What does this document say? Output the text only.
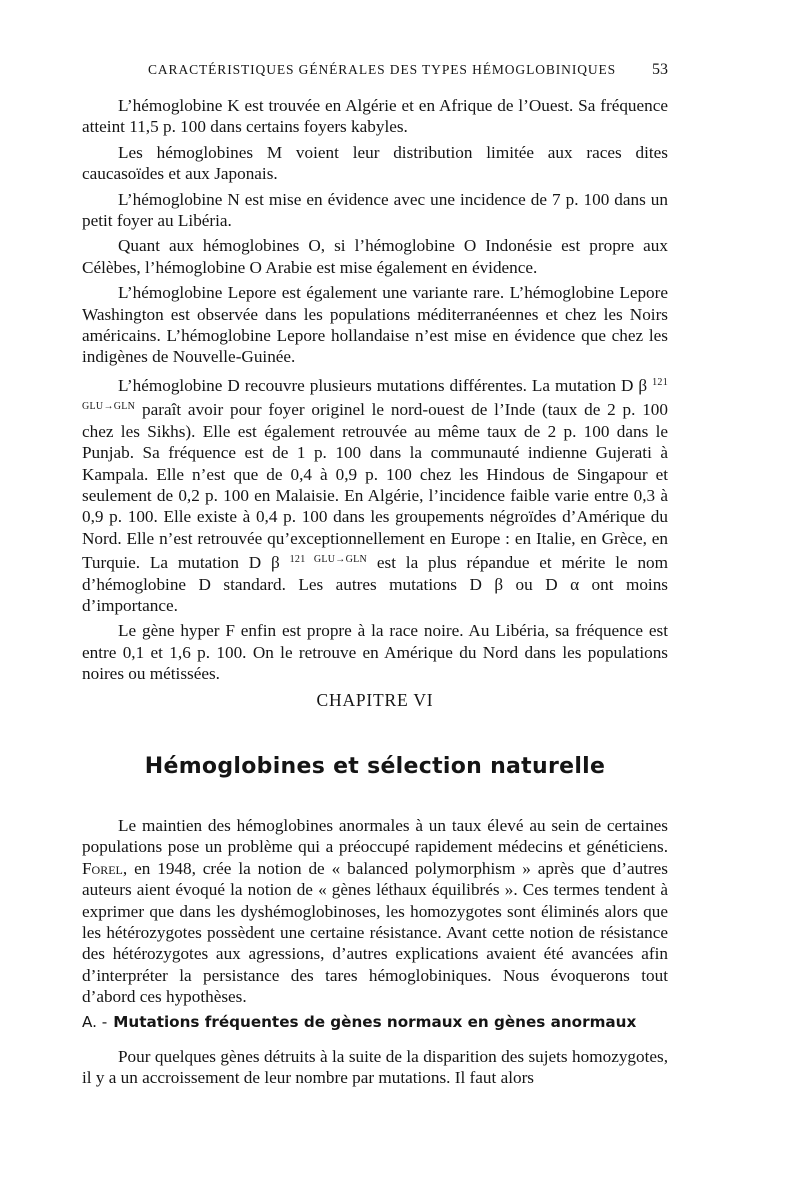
CARACTÉRISTIQUES GÉNÉRALES DES TYPES HÉMOGLOBINIQUES 53

L’hémoglobine K est trouvée en Algérie et en Afrique de l’Ouest. Sa fréquence atteint 11,5 p. 100 dans certains foyers kabyles.

Les hémoglobines M voient leur distribution limitée aux races dites caucasoïdes et aux Japonais.

L’hémoglobine N est mise en évidence avec une incidence de 7 p. 100 dans un petit foyer au Libéria.

Quant aux hémoglobines O, si l’hémoglobine O Indonésie est propre aux Célèbes, l’hémoglobine O Arabie est mise également en évidence.

L’hémoglobine Lepore est également une variante rare. L’hémoglobine Lepore Washington est observée dans les populations méditerranéennes et chez les Noirs américains. L’hémoglobine Lepore hollandaise n’est mise en évidence que chez les indigènes de Nouvelle-Guinée.

L’hémoglobine D recouvre plusieurs mutations différentes. La mutation D β $^{121 GLU\to GLN}$ paraît avoir pour foyer originel le nord-ouest de l’Inde (taux de 2 p. 100 chez les Sikhs). Elle est également retrouvée au même taux de 2 p. 100 dans le Punjab. Sa fréquence est de 1 p. 100 dans la communauté indienne Gujerati à Kampala. Elle n’est que de 0,4 à 0,9 p. 100 chez les Hindous de Singapour et seulement de 0,2 p. 100 en Malaisie. En Algérie, l’incidence faible varie entre 0,3 à 0,9 p. 100. Elle existe à 0,4 p. 100 dans les groupements négroïdes d’Amérique du Nord. Elle n’est retrouvée qu’exceptionnellement en Europe : en Italie, en Grèce, en Turquie. La mutation D β $^{121 GLU\to GLN}$ est la plus répandue et mérite le nom d’hémoglobine D standard. Les autres mutations D β ou D α ont moins d’importance.

Le gène hyper F enfin est propre à la race noire. Au Libéria, sa fréquence est entre 0,1 et 1,6 p. 100. On le retrouve en Amérique du Nord dans les populations noires ou métissées.

CHAPITRE VI
Hémoglobines et sélection naturelle

Le maintien des hémoglobines anormales à un taux élevé au sein de certaines populations pose un problème qui a préoccupé rapidement médecins et généticiens. Forel, en 1948, crée la notion de « balanced polymorphism » après que d’autres auteurs aient évoqué la notion de « gènes léthaux équilibrés ». Ces termes tendent à exprimer que dans les dyshémoglobinoses, les homozygotes sont éliminés alors que les hétérozygotes possèdent une certaine résistance. Avant cette notion de résistance des hétérozygotes aux agressions, d’autres explications avaient été avancées afin d’interpréter la persistance des tares hémoglobiniques. Nous évoquerons tout d’abord ces hypothèses.

A. - Mutations fréquentes de gènes normaux en gènes anormaux

Pour quelques gènes détruits à la suite de la disparition des sujets homozygotes, il y a un accroissement de leur nombre par mutations. Il faut alors
